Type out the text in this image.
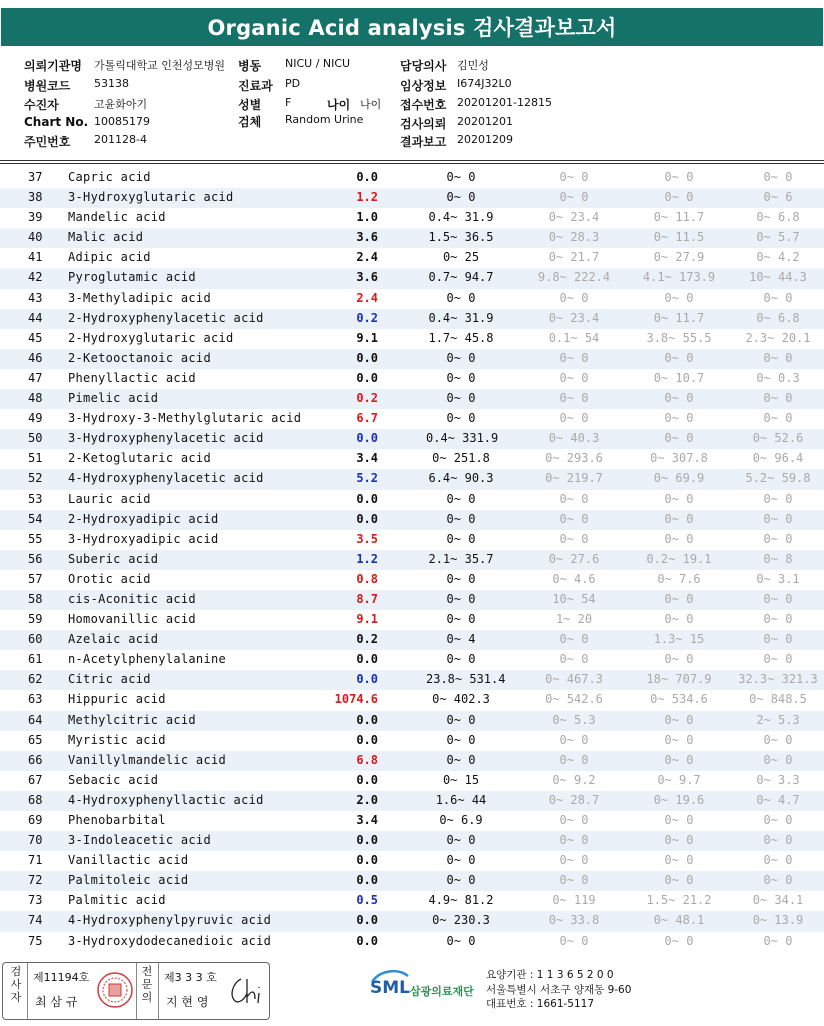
Organic Acid analysis 검사결과보고서
의뢰기관명 가톨릭대학교 인천성모병원 병동 NICU / NICU	담당의사 김민성
병원코드 53138	진료과 PD	임상정보 I674J32L0
수진자	고윤화아기	성별 F	나이 나이 접수번호 20201201-12815
Chart No. 10085179	검체 Random Urine	검사의뢰 20201201
주민번호 201128-4	결과보고 20201209
37 Capric acid	0.0	0~ 0	0~ 0	0~ 0	0~ 0
38 3-Hydroxyglutaric acid	1.2	0~ 0	0~ 0	0~ 0	0~ 6
39 Mandelic acid	1.0	0.4~ 31.9	0~ 23.4	0~ 11.7	0~ 6.8
40 Malic acid	3.6	1.5~ 36.5	0~ 28.3	0~ 11.5	0~ 5.7
41 Adipic acid	2.4	0~ 25	0~ 21.7	0~ 27.9	0~ 4.2
42 Pyroglutamic acid	3.6	0.7~ 94.7	9.8~ 222.4	4.1~ 173.9	10~ 44.3
43 3-Methyladipic acid	2.4	0~ 0	0~ 0	0~ 0	0~ 0
44 2-Hydroxyphenylacetic acid	0.2	0.4~ 31.9	0~ 23.4	0~ 11.7	0~ 6.8
45 2-Hydroxyglutaric acid	9.1	1.7~ 45.8	0.1~ 54	3.8~ 55.5	2.3~ 20.1
46 2-Ketooctanoic acid	0.0	0~ 0	0~ 0	0~ 0	0~ 0
47 Phenyllactic acid	0.0	0~ 0	0~ 0	0~ 10.7	0~ 0.3
48 Pimelic acid	0.2	0~ 0	0~ 0	0~ 0	0~ 0
49 3-Hydroxy-3-Methylglutaric acid	6.7	0~ 0	0~ 0	0~ 0	0~ 0
50 3-Hydroxyphenylacetic acid	0.0	0.4~ 331.9	0~ 40.3	0~ 0	0~ 52.6
51 2-Ketoglutaric acid	3.4	0~ 251.8	0~ 293.6	0~ 307.8	0~ 96.4
52 4-Hydroxyphenylacetic acid	5.2	6.4~ 90.3	0~ 219.7	0~ 69.9	5.2~ 59.8
53 Lauric acid	0.0	0~ 0	0~ 0	0~ 0	0~ 0
54 2-Hydroxyadipic acid	0.0	0~ 0	0~ 0	0~ 0	0~ 0
55 3-Hydroxyadipic acid	3.5	0~ 0	0~ 0	0~ 0	0~ 0
56 Suberic acid	1.2	2.1~ 35.7	0~ 27.6	0.2~ 19.1	0~ 8
57 Orotic acid	0.8	0~ 0	0~ 4.6	0~ 7.6	0~ 3.1
58 cis-Aconitic acid	8.7	0~ 0	10~ 54	0~ 0	0~ 0
59 Homovanillic acid	9.1	0~ 0	1~ 20	0~ 0	0~ 0
60 Azelaic acid	0.2	0~ 4	0~ 0	1.3~ 15	0~ 0
61 n-Acetylphenylalanine	0.0	0~ 0	0~ 0	0~ 0	0~ 0
62 Citric acid	0.0	23.8~ 531.4	0~ 467.3	18~ 707.9	32.3~ 321.3
63 Hippuric acid	1074.6	0~ 402.3	0~ 542.6	0~ 534.6	0~ 848.5
64 Methylcitric acid	0.0	0~ 0	0~ 5.3	0~ 0	2~ 5.3
65 Myristic acid	0.0	0~ 0	0~ 0	0~ 0	0~ 0
66 Vanillylmandelic acid	6.8	0~ 0	0~ 0	0~ 0	0~ 0
67 Sebacic acid	0.0	0~ 15	0~ 9.2	0~ 9.7	0~ 3.3
68 4-Hydroxyphenyllactic acid	2.0	1.6~ 44	0~ 28.7	0~ 19.6	0~ 4.7
69 Phenobarbital	3.4	0~ 6.9	0~ 0	0~ 0	0~ 0
70 3-Indoleacetic acid	0.0	0~ 0	0~ 0	0~ 0	0~ 0
71 Vanillactic acid	0.0	0~ 0	0~ 0	0~ 0	0~ 0
72 Palmitoleic acid	0.0	0~ 0	0~ 0	0~ 0	0~ 0
73 Palmitic acid	0.5	4.9~ 81.2	0~ 119	1.5~ 21.2	0~ 34.1
74 4-Hydroxyphenylpyruvic acid	0.0	0~ 230.3	0~ 33.8	0~ 48.1	0~ 13.9
75 3-Hydroxydodecanedioic acid	0.0	0~ 0	0~ 0	0~ 0	0~ 0
검
사
자
제11194호
최 삼 규
전
문
의
제3 3 3 호
지 현 영
SML 삼광의료재단
요양기관 : 1 1 3 6 5 2 0 0
서울특별시 서초구 양재동 9-60
대표번호 : 1661-5117
